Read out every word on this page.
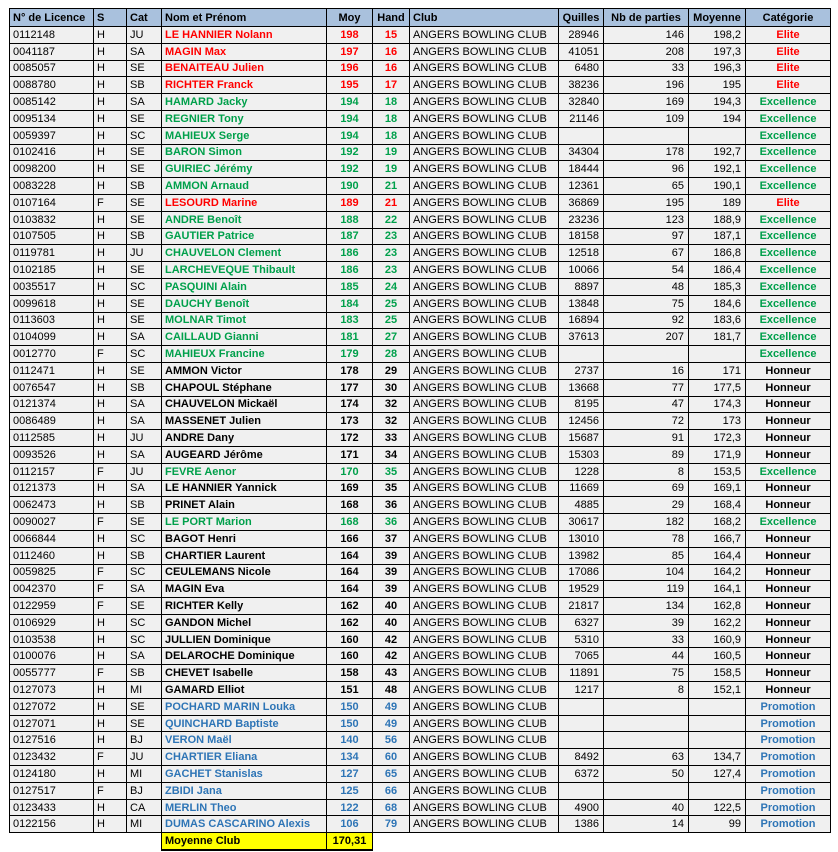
N° de Licence	S	Cat	Nom et Prénom	Moy	Hand	Club	Quilles	Nb de parties	Moyenne	Catégorie
0112148	H	JU	LE HANNIER Nolann	198	15	ANGERS BOWLING CLUB	28946	146	198,2	Elite
0041187	H	SA	MAGIN Max	197	16	ANGERS BOWLING CLUB	41051	208	197,3	Elite
0085057	H	SE	BENAITEAU Julien	196	16	ANGERS BOWLING CLUB	6480	33	196,3	Elite
0088780	H	SB	RICHTER Franck	195	17	ANGERS BOWLING CLUB	38236	196	195	Elite
0085142	H	SA	HAMARD Jacky	194	18	ANGERS BOWLING CLUB	32840	169	194,3	Excellence
0095134	H	SE	REGNIER Tony	194	18	ANGERS BOWLING CLUB	21146	109	194	Excellence
0059397	H	SC	MAHIEUX Serge	194	18	ANGERS BOWLING CLUB				Excellence
0102416	H	SE	BARON Simon	192	19	ANGERS BOWLING CLUB	34304	178	192,7	Excellence
0098200	H	SE	GUIRIEC Jérémy	192	19	ANGERS BOWLING CLUB	18444	96	192,1	Excellence
0083228	H	SB	AMMON Arnaud	190	21	ANGERS BOWLING CLUB	12361	65	190,1	Excellence
0107164	F	SE	LESOURD Marine	189	21	ANGERS BOWLING CLUB	36869	195	189	Elite
0103832	H	SE	ANDRE Benoît	188	22	ANGERS BOWLING CLUB	23236	123	188,9	Excellence
0107505	H	SB	GAUTIER Patrice	187	23	ANGERS BOWLING CLUB	18158	97	187,1	Excellence
0119781	H	JU	CHAUVELON Clement	186	23	ANGERS BOWLING CLUB	12518	67	186,8	Excellence
0102185	H	SE	LARCHEVEQUE Thibault	186	23	ANGERS BOWLING CLUB	10066	54	186,4	Excellence
0035517	H	SC	PASQUINI Alain	185	24	ANGERS BOWLING CLUB	8897	48	185,3	Excellence
0099618	H	SE	DAUCHY Benoît	184	25	ANGERS BOWLING CLUB	13848	75	184,6	Excellence
0113603	H	SE	MOLNAR Timot	183	25	ANGERS BOWLING CLUB	16894	92	183,6	Excellence
0104099	H	SA	CAILLAUD Gianni	181	27	ANGERS BOWLING CLUB	37613	207	181,7	Excellence
0012770	F	SC	MAHIEUX Francine	179	28	ANGERS BOWLING CLUB				Excellence
0112471	H	SE	AMMON Victor	178	29	ANGERS BOWLING CLUB	2737	16	171	Honneur
0076547	H	SB	CHAPOUL Stéphane	177	30	ANGERS BOWLING CLUB	13668	77	177,5	Honneur
0121374	H	SA	CHAUVELON Mickaël	174	32	ANGERS BOWLING CLUB	8195	47	174,3	Honneur
0086489	H	SA	MASSENET Julien	173	32	ANGERS BOWLING CLUB	12456	72	173	Honneur
0112585	H	JU	ANDRE Dany	172	33	ANGERS BOWLING CLUB	15687	91	172,3	Honneur
0093526	H	SA	AUGEARD Jérôme	171	34	ANGERS BOWLING CLUB	15303	89	171,9	Honneur
0112157	F	JU	FEVRE Aenor	170	35	ANGERS BOWLING CLUB	1228	8	153,5	Excellence
0121373	H	SA	LE HANNIER Yannick	169	35	ANGERS BOWLING CLUB	11669	69	169,1	Honneur
0062473	H	SB	PRINET Alain	168	36	ANGERS BOWLING CLUB	4885	29	168,4	Honneur
0090027	F	SE	LE PORT Marion	168	36	ANGERS BOWLING CLUB	30617	182	168,2	Excellence
0066844	H	SC	BAGOT Henri	166	37	ANGERS BOWLING CLUB	13010	78	166,7	Honneur
0112460	H	SB	CHARTIER Laurent	164	39	ANGERS BOWLING CLUB	13982	85	164,4	Honneur
0059825	F	SC	CEULEMANS Nicole	164	39	ANGERS BOWLING CLUB	17086	104	164,2	Honneur
0042370	F	SA	MAGIN Eva	164	39	ANGERS BOWLING CLUB	19529	119	164,1	Honneur
0122959	F	SE	RICHTER Kelly	162	40	ANGERS BOWLING CLUB	21817	134	162,8	Honneur
0106929	H	SC	GANDON Michel	162	40	ANGERS BOWLING CLUB	6327	39	162,2	Honneur
0103538	H	SC	JULLIEN Dominique	160	42	ANGERS BOWLING CLUB	5310	33	160,9	Honneur
0100076	H	SA	DELAROCHE Dominique	160	42	ANGERS BOWLING CLUB	7065	44	160,5	Honneur
0055777	F	SB	CHEVET Isabelle	158	43	ANGERS BOWLING CLUB	11891	75	158,5	Honneur
0127073	H	MI	GAMARD Elliot	151	48	ANGERS BOWLING CLUB	1217	8	152,1	Honneur
0127072	H	SE	POCHARD MARIN Louka	150	49	ANGERS BOWLING CLUB				Promotion
0127071	H	SE	QUINCHARD Baptiste	150	49	ANGERS BOWLING CLUB				Promotion
0127516	H	BJ	VERON Maël	140	56	ANGERS BOWLING CLUB				Promotion
0123432	F	JU	CHARTIER Eliana	134	60	ANGERS BOWLING CLUB	8492	63	134,7	Promotion
0124180	H	MI	GACHET Stanislas	127	65	ANGERS BOWLING CLUB	6372	50	127,4	Promotion
0127517	F	BJ	ZBIDI Jana	125	66	ANGERS BOWLING CLUB				Promotion
0123433	H	CA	MERLIN Theo	122	68	ANGERS BOWLING CLUB	4900	40	122,5	Promotion
0122156	H	MI	DUMAS CASCARINO Alexis	106	79	ANGERS BOWLING CLUB	1386	14	99	Promotion
			Moyenne Club	170,31						
